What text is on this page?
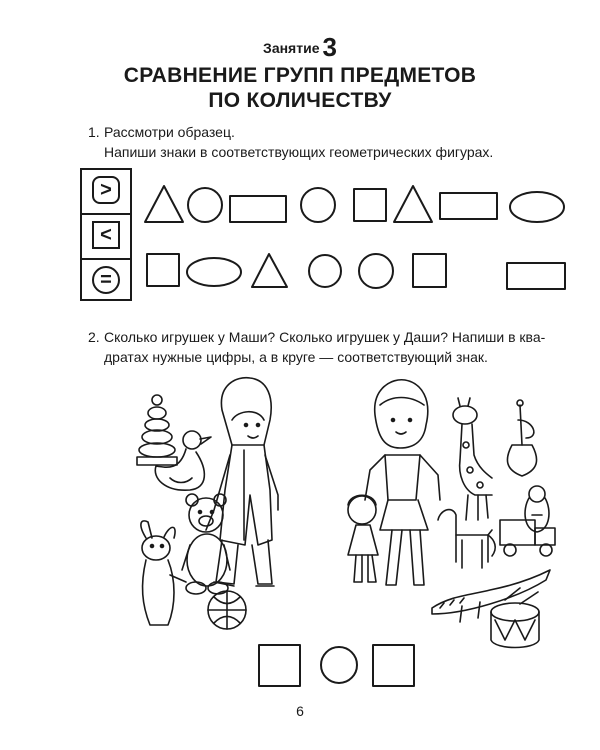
Занятие 3
СРАВНЕНИЕ ГРУПП ПРЕДМЕТОВ
ПО КОЛИЧЕСТВУ
1. Рассмотри образец.
Напиши знаки в соответствующих геометрических фигурах.
>
<
=
2. Сколько игрушек у Маши? Сколько игрушек у Даши? Напиши в ква-
дратах нужные цифры, а в круге — соответствующий знак.
6
